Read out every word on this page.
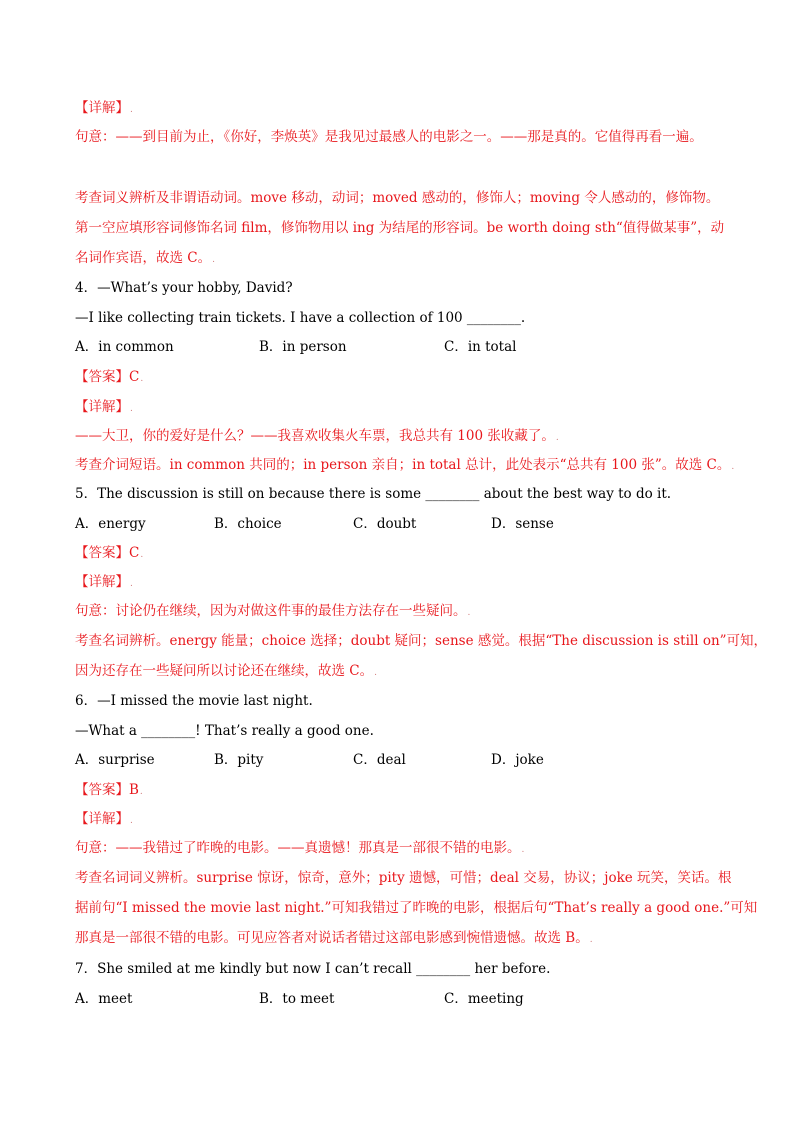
【详解】.
句意：——到目前为止，《你好，李焕英》是我见过最感人的电影之一。——那是真的。它值得再看一遍。
考查词义辨析及非谓语动词。move 移动，动词；moved 感动的，修饰人；moving 令人感动的，修饰物。
第一空应填形容词修饰名词 film，修饰物用以 ing 为结尾的形容词。be worth doing sth“值得做某事”，动
名词作宾语，故选 C。.
4．—What’s your hobby, David?
—I like collecting train tickets. I have a collection of 100 ________.
A．in common	B．in person	C．in total
【答案】C.
【详解】.
——大卫，你的爱好是什么？——我喜欢收集火车票，我总共有 100 张收藏了。.
考查介词短语。in common 共同的；in person 亲自；in total 总计，此处表示“总共有 100 张”。故选 C。.
5．The discussion is still on because there is some ________ about the best way to do it.
A．energy	B．choice	C．doubt	D．sense
【答案】C.
【详解】.
句意：讨论仍在继续，因为对做这件事的最佳方法存在一些疑问。.
考查名词辨析。energy 能量；choice 选择；doubt 疑问；sense 感觉。根据“The discussion is still on”可知，
因为还存在一些疑问所以讨论还在继续，故选 C。.
6．—I missed the movie last night.
—What a ________! That’s really a good one.
A．surprise	B．pity	C．deal	D．joke
【答案】B.
【详解】.
句意：——我错过了昨晚的电影。——真遗憾！那真是一部很不错的电影。.
考查名词词义辨析。surprise 惊讶，惊奇，意外；pity 遗憾，可惜；deal 交易，协议；joke 玩笑，笑话。根
据前句“I missed the movie last night.”可知我错过了昨晚的电影，根据后句“That’s really a good one.”可知
那真是一部很不错的电影。可见应答者对说话者错过这部电影感到惋惜遗憾。故选 B。.
7．She smiled at me kindly but now I can’t recall ________ her before.
A．meet	B．to meet	C．meeting
